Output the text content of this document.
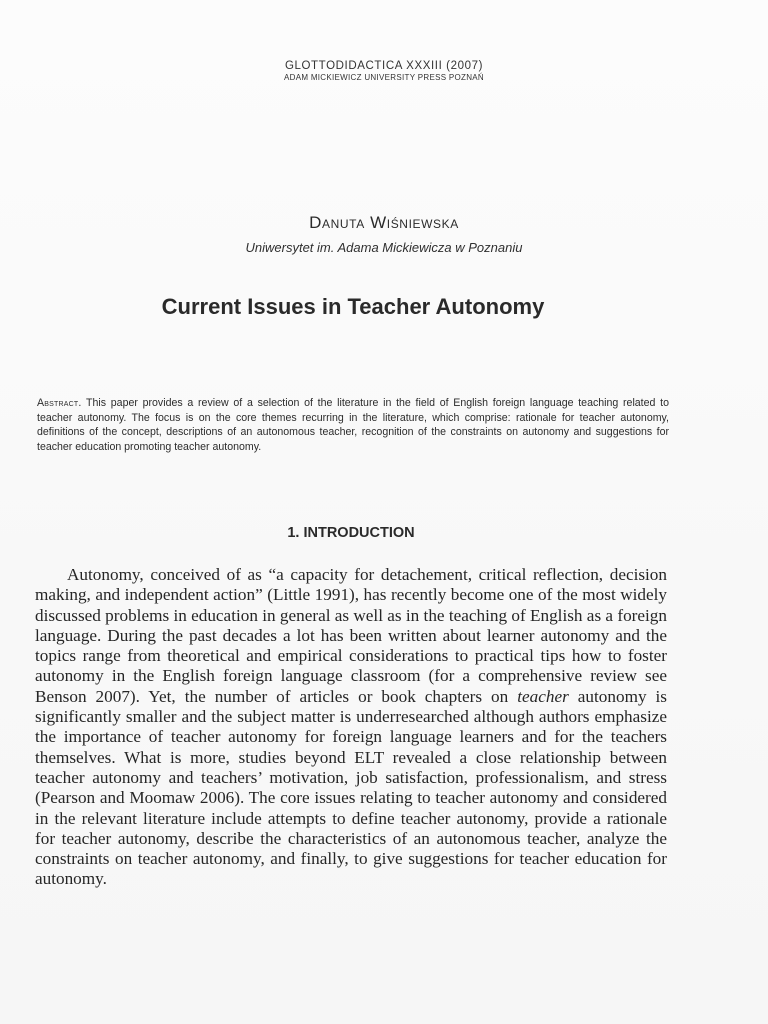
GLOTTODIDACTICA XXXIII (2007)
ADAM MICKIEWICZ UNIVERSITY PRESS POZNAŃ
Danuta Wiśniewska
Uniwersytet im. Adama Mickiewicza w Poznaniu
Current Issues in Teacher Autonomy
Abstract. This paper provides a review of a selection of the literature in the field of English foreign language teaching related to teacher autonomy. The focus is on the core themes recurring in the literature, which comprise: rationale for teacher autonomy, definitions of the concept, descriptions of an autonomous teacher, recognition of the constraints on autonomy and suggestions for teacher education promoting teacher autonomy.
1. INTRODUCTION
Autonomy, conceived of as “a capacity for detachement, critical reflection, decision making, and independent action” (Little 1991), has recently become one of the most widely discussed problems in education in general as well as in the teaching of English as a foreign language. During the past decades a lot has been written about learner autonomy and the topics range from theoretical and empirical considerations to practical tips how to foster autonomy in the English foreign language classroom (for a comprehensive review see Benson 2007). Yet, the number of articles or book chapters on teacher autonomy is significantly smaller and the subject matter is underresearched although authors emphasize the importance of teacher autonomy for foreign language learners and for the teachers themselves. What is more, studies beyond ELT revealed a close relationship between teacher autonomy and teachers’ motivation, job satisfaction, professionalism, and stress (Pearson and Moomaw 2006). The core issues relating to teacher autonomy and considered in the relevant literature include attempts to define teacher autonomy, provide a rationale for teacher autonomy, describe the characteristics of an autonomous teacher, analyze the constraints on teacher autonomy, and finally, to give suggestions for teacher education for autonomy.
